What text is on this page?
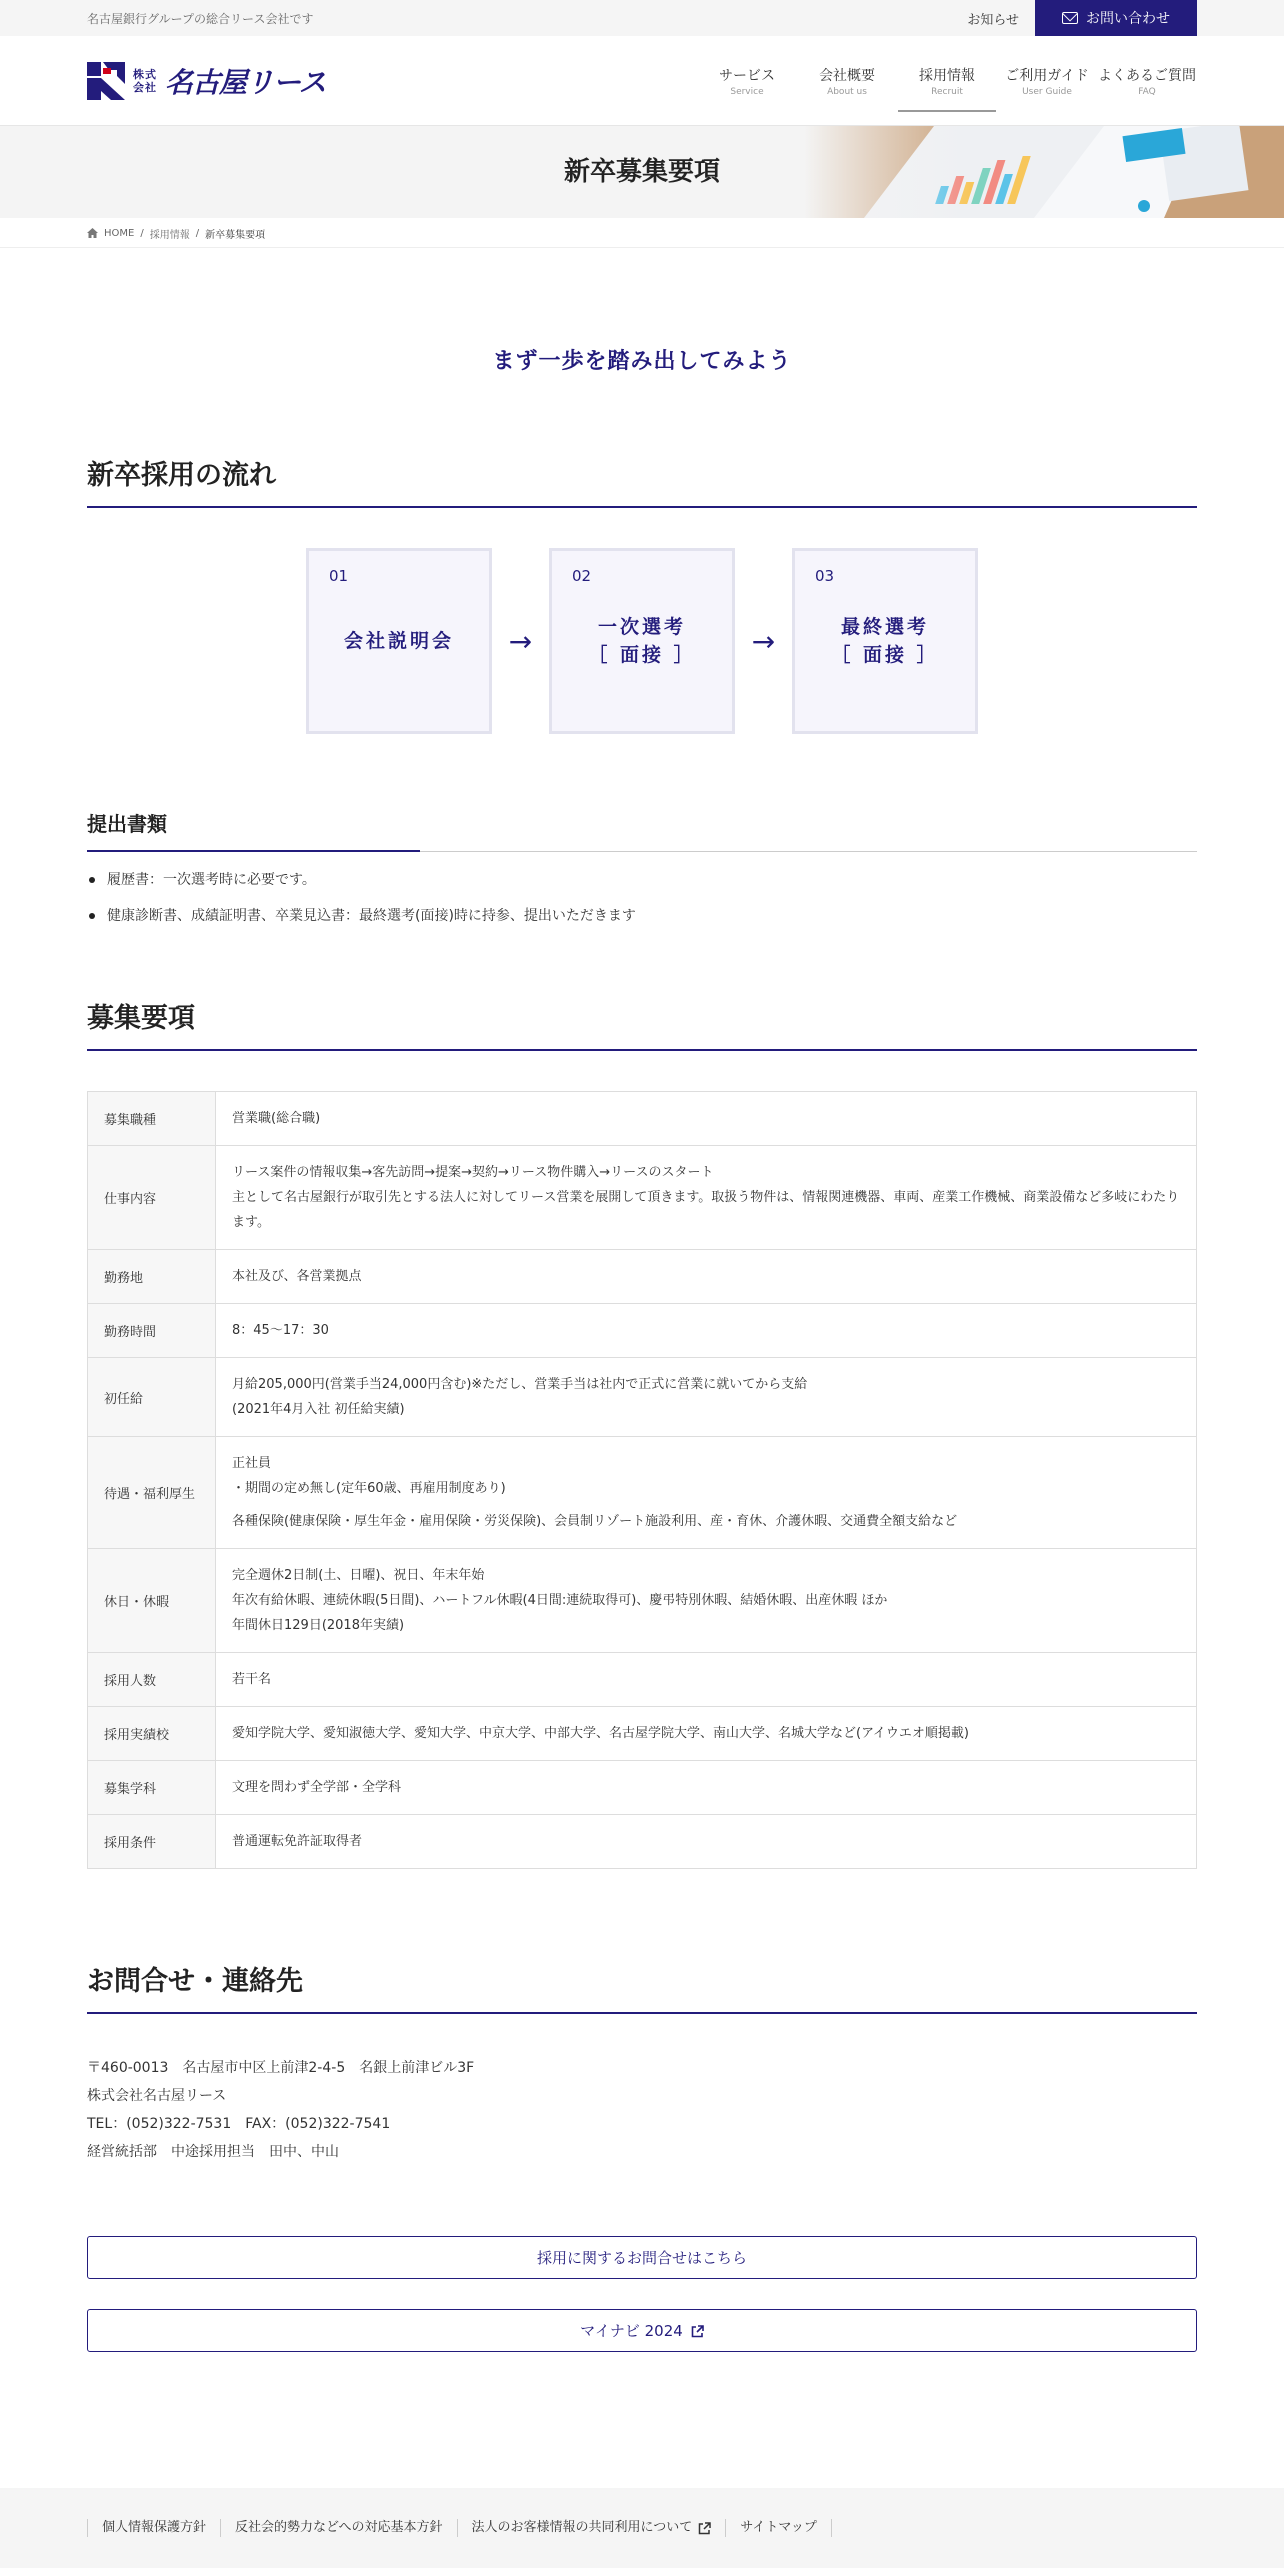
名古屋銀行グループの総合リース会社です	お知らせ	お問い合わせ
株式
会社 名古屋リース	サービス
Service
会社概要
About us
採用情報
Recruit
ご利用ガイド
User Guide
よくあるご質問
FAQ
新卒募集要項
HOME / 採用情報 / 新卒募集要項

まず一歩を踏み出してみよう

新卒採用の流れ
01
会社説明会	→
02
一次選考
［ 面接 ］	→
03
最終選考
［ 面接 ］
提出書類
履歴書：一次選考時に必要です。
健康診断書、成績証明書、卒業見込書：最終選考(面接)時に持参、提出いただきます
募集要項
募集職種	営業職(総合職)

仕事内容	リース案件の情報収集→客先訪問→提案→契約→リース物件購入→リースのスタート

主として名古屋銀行が取引先とする法人に対してリース営業を展開して頂きます。取扱う物件は、情報関連機器、車両、産業工作機械、商業設備など多岐にわたります。

勤務地	本社及び、各営業拠点

勤務時間	8：45〜17：30

初任給	月給205,000円(営業手当24,000円含む)※ただし、営業手当は社内で正式に営業に就いてから支給

(2021年4月入社 初任給実績)

待遇・福利厚生	正社員

・期間の定め無し(定年60歳、再雇用制度あり)

各種保険(健康保険・厚生年金・雇用保険・労災保険)、会員制リゾート施設利用、産・育休、介護休暇、交通費全額支給など

休日・休暇	完全週休2日制(土、日曜)、祝日、年末年始

年次有給休暇、連続休暇(5日間)、ハートフル休暇(4日間:連続取得可)、慶弔特別休暇、結婚休暇、出産休暇 ほか

年間休日129日(2018年実績)

採用人数	若干名

採用実績校	愛知学院大学、愛知淑徳大学、愛知大学、中京大学、中部大学、名古屋学院大学、南山大学、名城大学など(アイウエオ順掲載)

募集学科	文理を問わず全学部・全学科

採用条件	普通運転免許証取得者

お問合せ・連絡先

〒460-0013　名古屋市中区上前津2-4-5　名銀上前津ビル3F

株式会社名古屋リース

TEL：(052)322-7531　FAX：(052)322-7541

経営統括部　中途採用担当　田中、中山

採用に関するお問合せはこちら
マイナビ 2024
個人情報保護方針 反社会的勢力などへの対応基本方針 法人のお客様情報の共同利用について	サイトマップ
